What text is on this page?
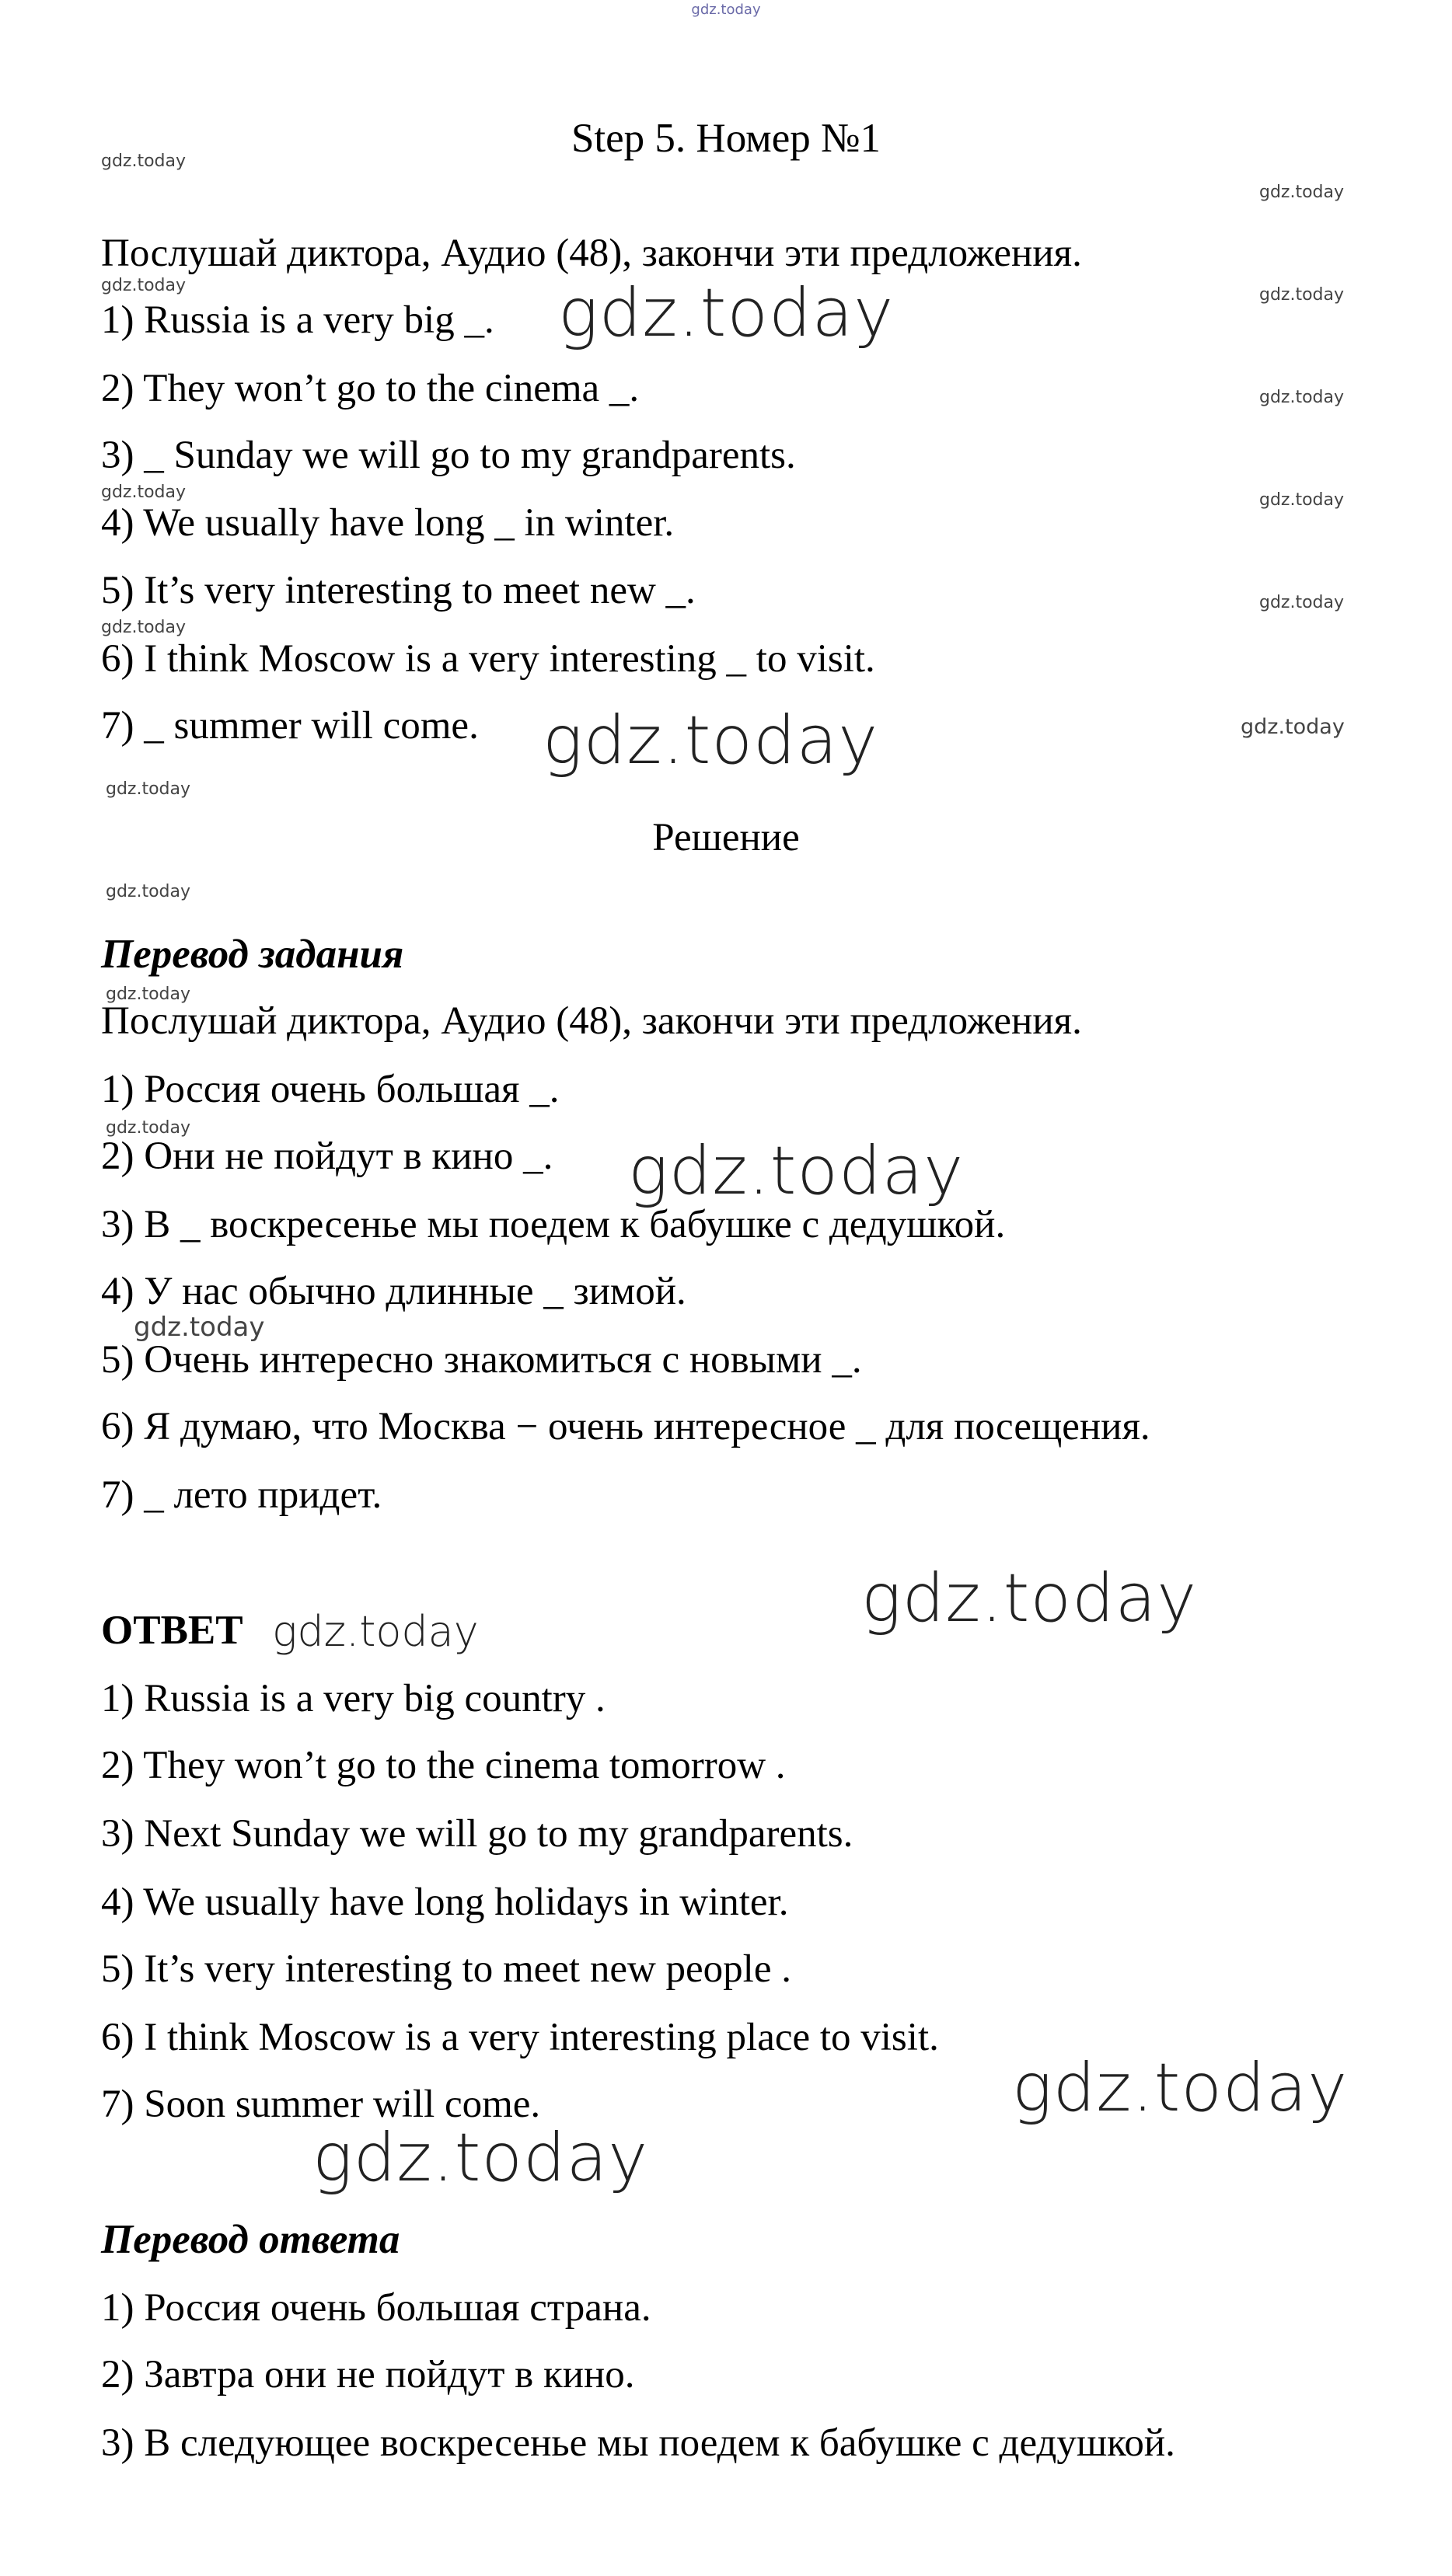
gdz.today
Step 5. Номер №1

Послушай диктора, Аудио (48), закончи эти предложения.

1) Russia is a very big _.

2) They won’t go to the cinema _.

3) _ Sunday we will go to my grandparents.

4) We usually have long _ in winter.

5) It’s very interesting to meet new _.

6) I think Moscow is a very interesting _ to visit.

7) _ summer will come.

Решение

Перевод задания

Послушай диктора, Аудио (48), закончи эти предложения.

1) Россия очень большая _.

2) Они не пойдут в кино _.

3) В _ воскресенье мы поедем к бабушке с дедушкой.

4) У нас обычно длинные _ зимой.

5) Очень интересно знакомиться с новыми _.

6) Я думаю, что Москва − очень интересное _ для посещения.

7) _ лето придет.

ОТВЕТ

1) Russia is a very big country .

2) They won’t go to the cinema tomorrow .

3) Next Sunday we will go to my grandparents.

4) We usually have long holidays in winter.

5) It’s very interesting to meet new people .

6) I think Moscow is a very interesting place to visit.

7) Soon summer will come.

Перевод ответа

1) Россия очень большая страна.

2) Завтра они не пойдут в кино.

3) В следующее воскресенье мы поедем к бабушке с дедушкой.

gdz.today
gdz.today
gdz.today	gdz.today
gdz.today
gdz.today	gdz.today
gdz.today
gdz.today
gdz.today
gdz.today
gdz.today
gdz.today
gdz.today
gdz.today
gdz.today
gdz.today
gdz.today
gdz.today
gdz.today
gdz.today
gdz.today
